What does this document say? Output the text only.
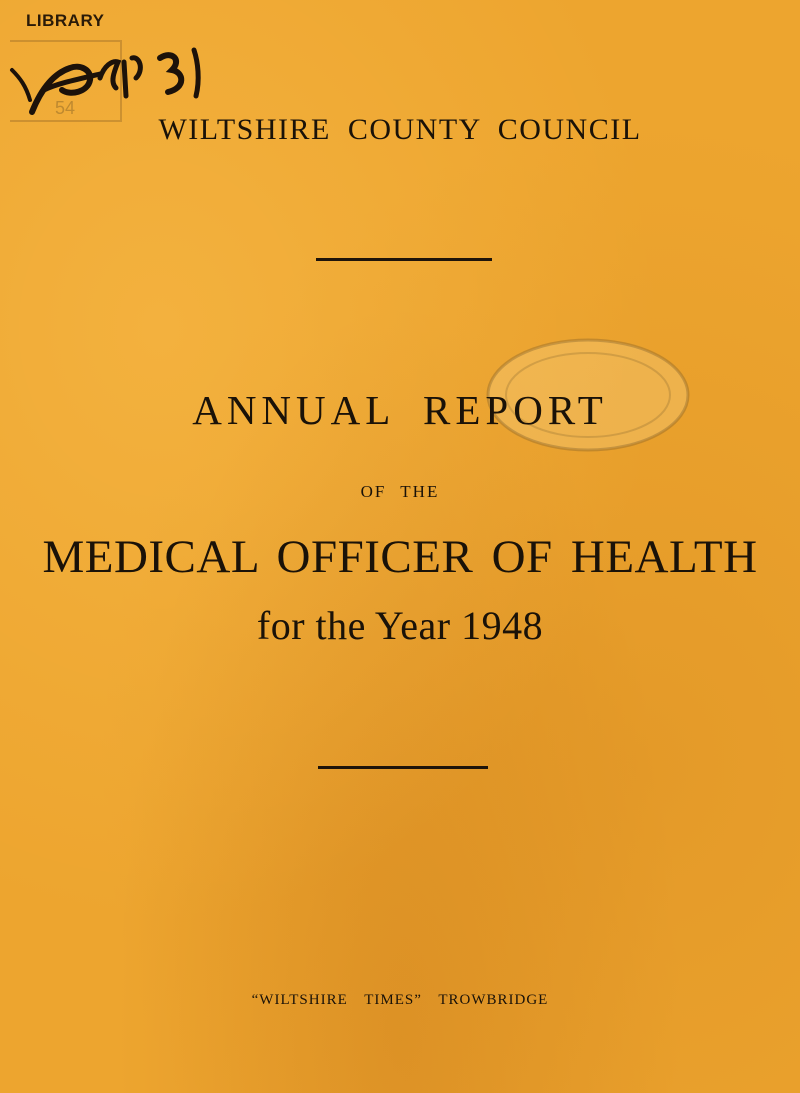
LIBRARY
54
WILTSHIRE COUNTY COUNCIL
ANNUAL REPORT
OF THE
MEDICAL OFFICER OF HEALTH
for the Year 1948
“WILTSHIRE TIMES” TROWBRIDGE
